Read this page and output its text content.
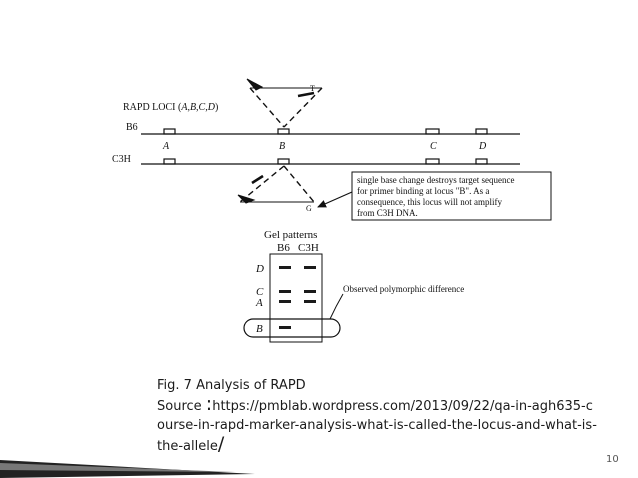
RAPD LOCI (A,B,C,D)
B6
A	B	C	D
C3H
T
G
single base change destroys target sequence
for primer binding at locus "B". As a
consequence, this locus will not amplify
from C3H DNA.
Gel patterns
B6 C3H
D
C
A
B
Observed polymorphic difference
Fig. 7 Analysis of RAPD
Source :https://pmblab.wordpress.com/2013/09/22/qa-in-agh635-course-in-rapd-marker-analysis-what-is-called-the-locus-and-what-is-the-allele/
10
